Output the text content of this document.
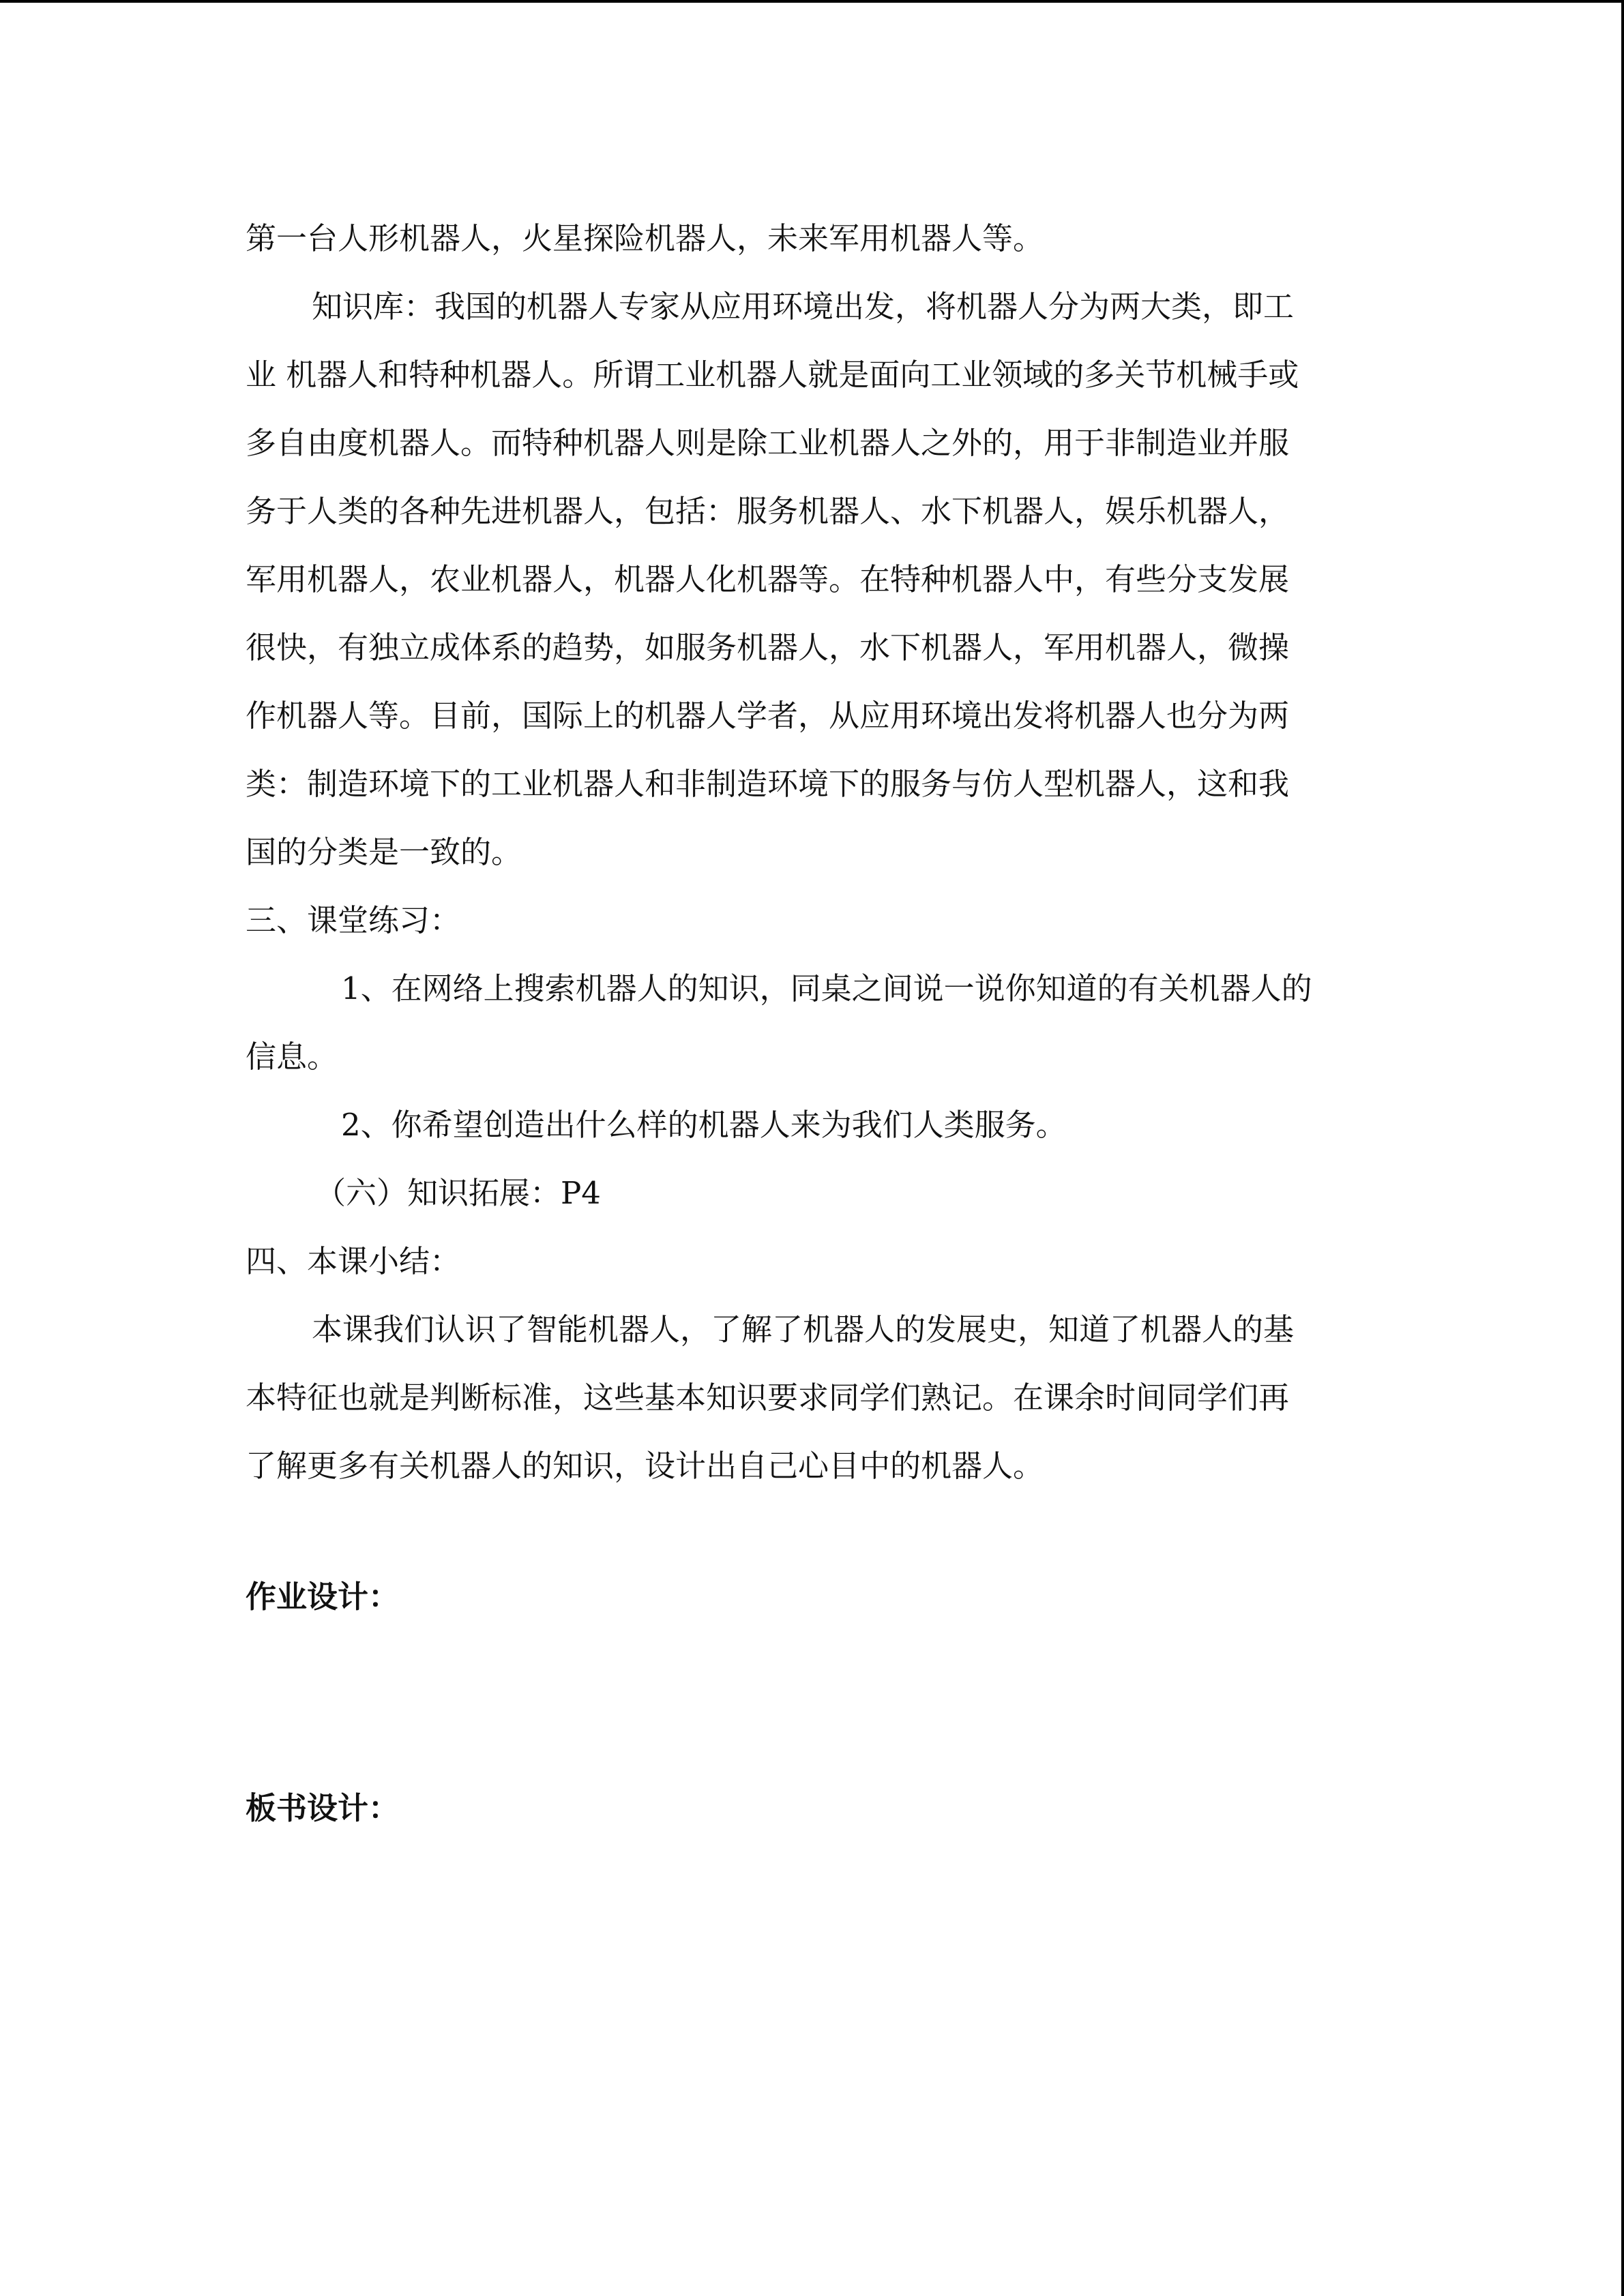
第一台人形机器人，火星探险机器人，未来军用机器人等。
知识库：我国的机器人专家从应用环境出发，将机器人分为两大类，即工
业 机器人和特种机器人。所谓工业机器人就是面向工业领域的多关节机械手或
多自由度机器人。而特种机器人则是除工业机器人之外的，用于非制造业并服
务于人类的各种先进机器人，包括：服务机器人、水下机器人，娱乐机器人，
军用机器人，农业机器人，机器人化机器等。在特种机器人中，有些分支发展
很快，有独立成体系的趋势，如服务机器人，水下机器人，军用机器人，微操
作机器人等。目前，国际上的机器人学者，从应用环境出发将机器人也分为两
类：制造环境下的工业机器人和非制造环境下的服务与仿人型机器人，这和我
国的分类是一致的。
三、课堂练习：
1、在网络上搜索机器人的知识，同桌之间说一说你知道的有关机器人的
信息。
2、你希望创造出什么样的机器人来为我们人类服务。
（六）知识拓展：P4
四、本课小结：
本课我们认识了智能机器人，了解了机器人的发展史，知道了机器人的基
本特征也就是判断标准，这些基本知识要求同学们熟记。在课余时间同学们再
了解更多有关机器人的知识，设计出自己心目中的机器人。
作业设计：
板书设计：
